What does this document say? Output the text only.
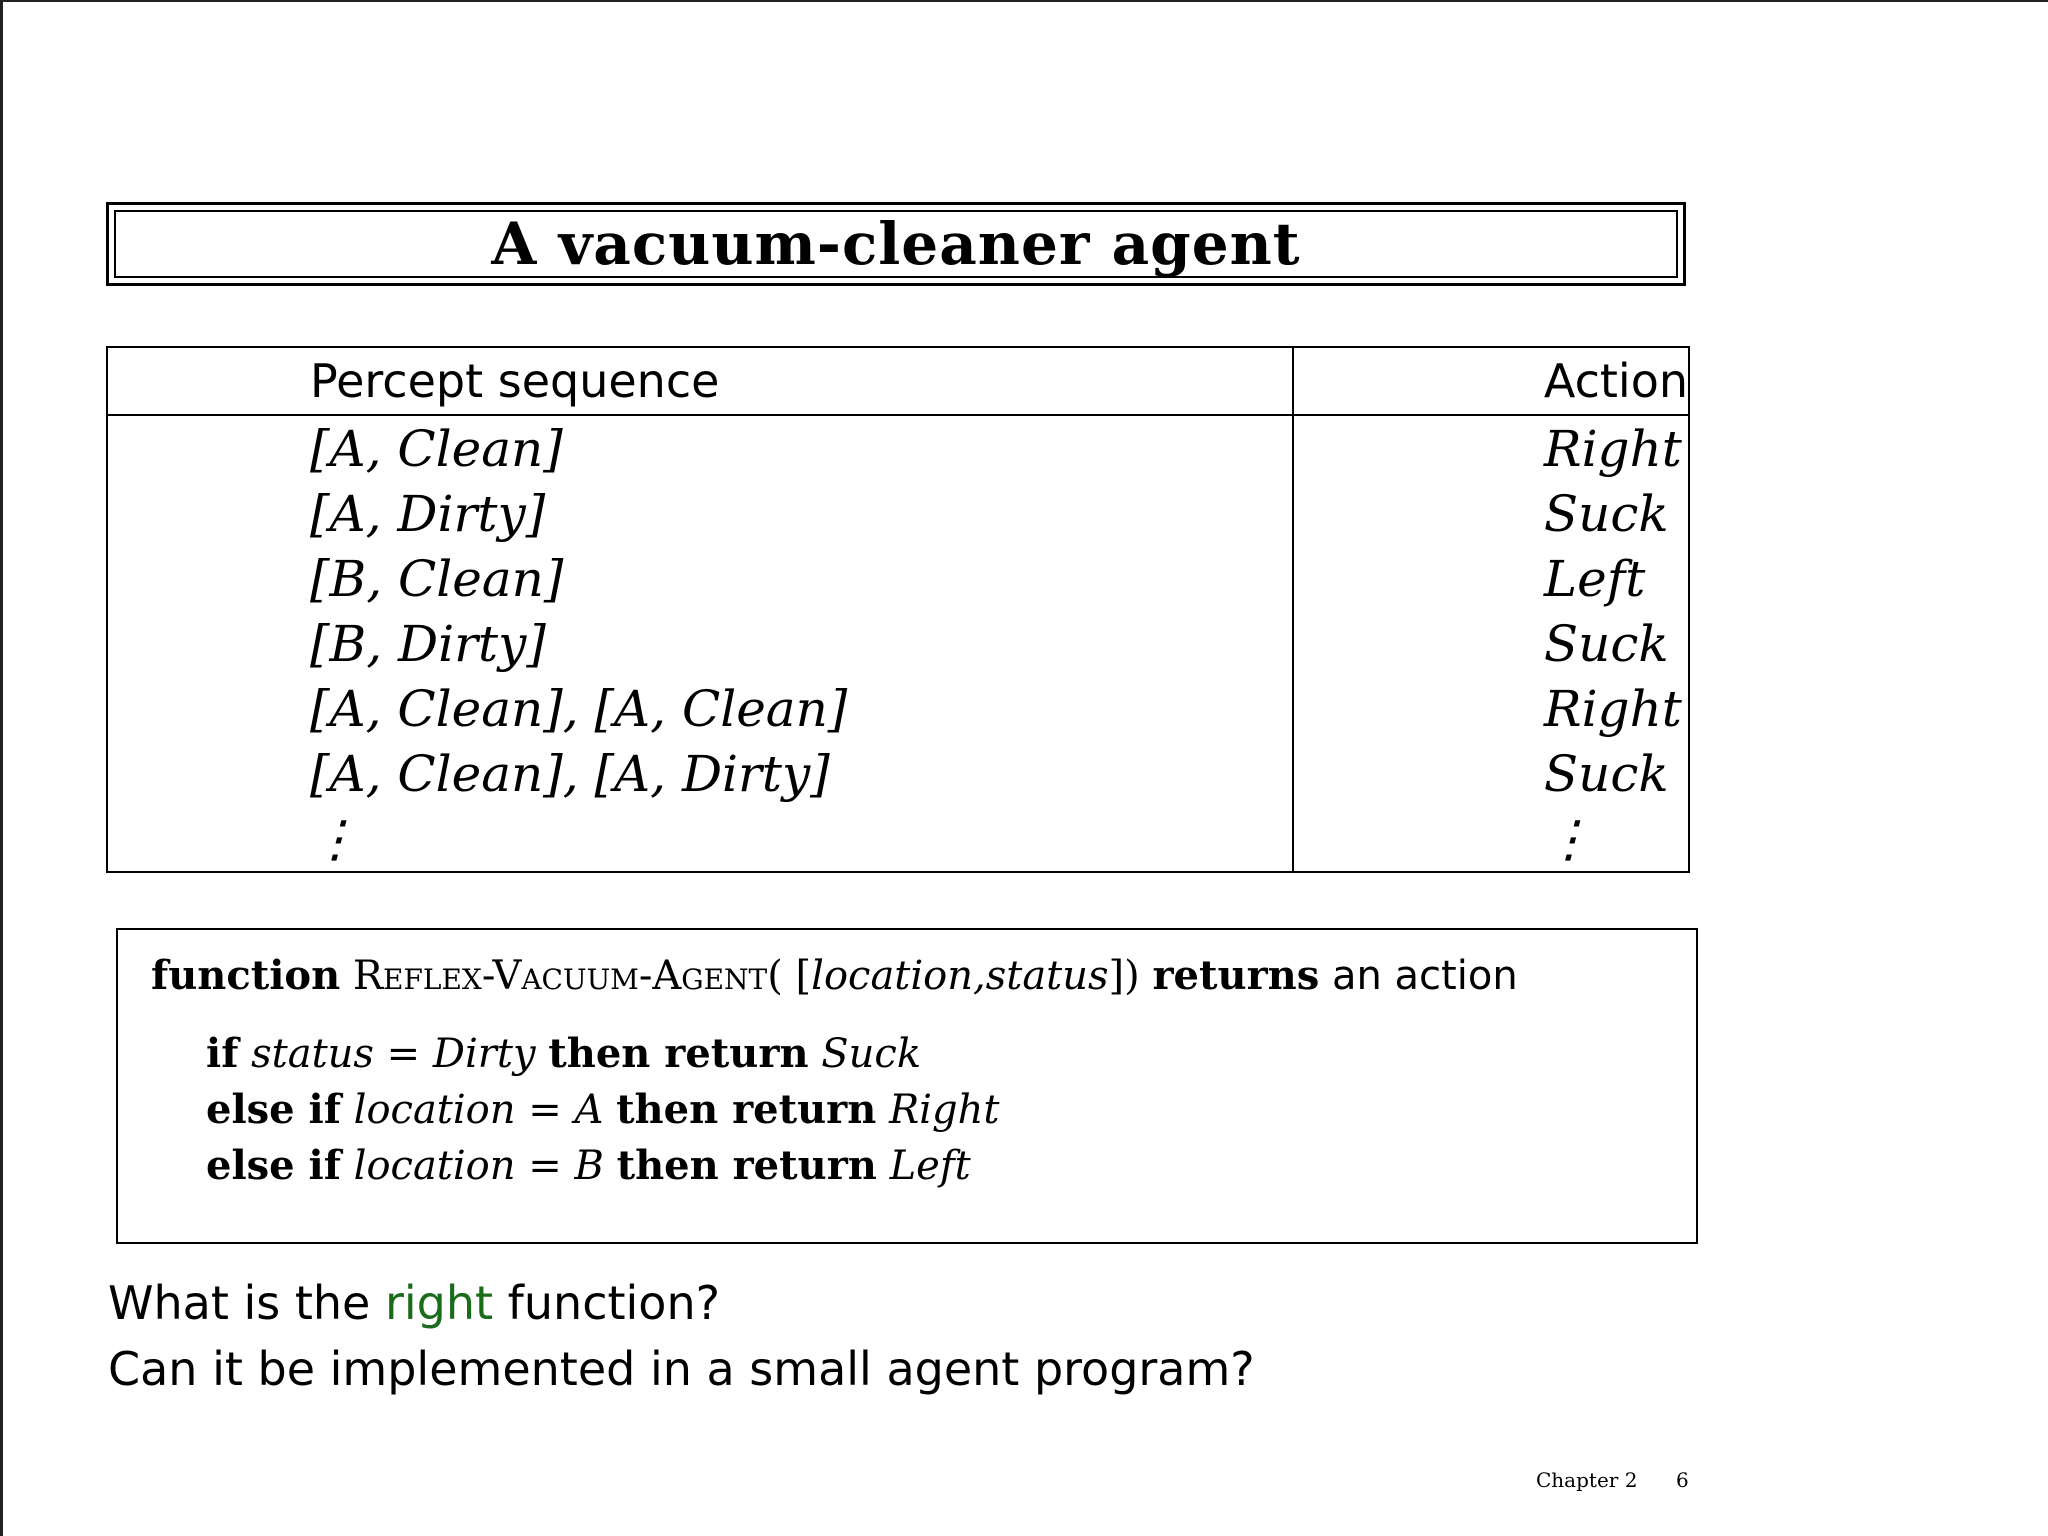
A vacuum-cleaner agent
Percept sequence	Action
[A, Clean]	Right
[A, Dirty]	Suck
[B, Clean]	Left
[B, Dirty]	Suck
[A, Clean], [A, Clean]	Right
[A, Clean], [A, Dirty]	Suck
⋮	⋮
function Reflex-Vacuum-Agent( [location,status]) returns an action
if status = Dirty then return Suck
else if location = A then return Right
else if location = B then return Left
What is the right function?
Can it be implemented in a small agent program?
Chapter 2 6
